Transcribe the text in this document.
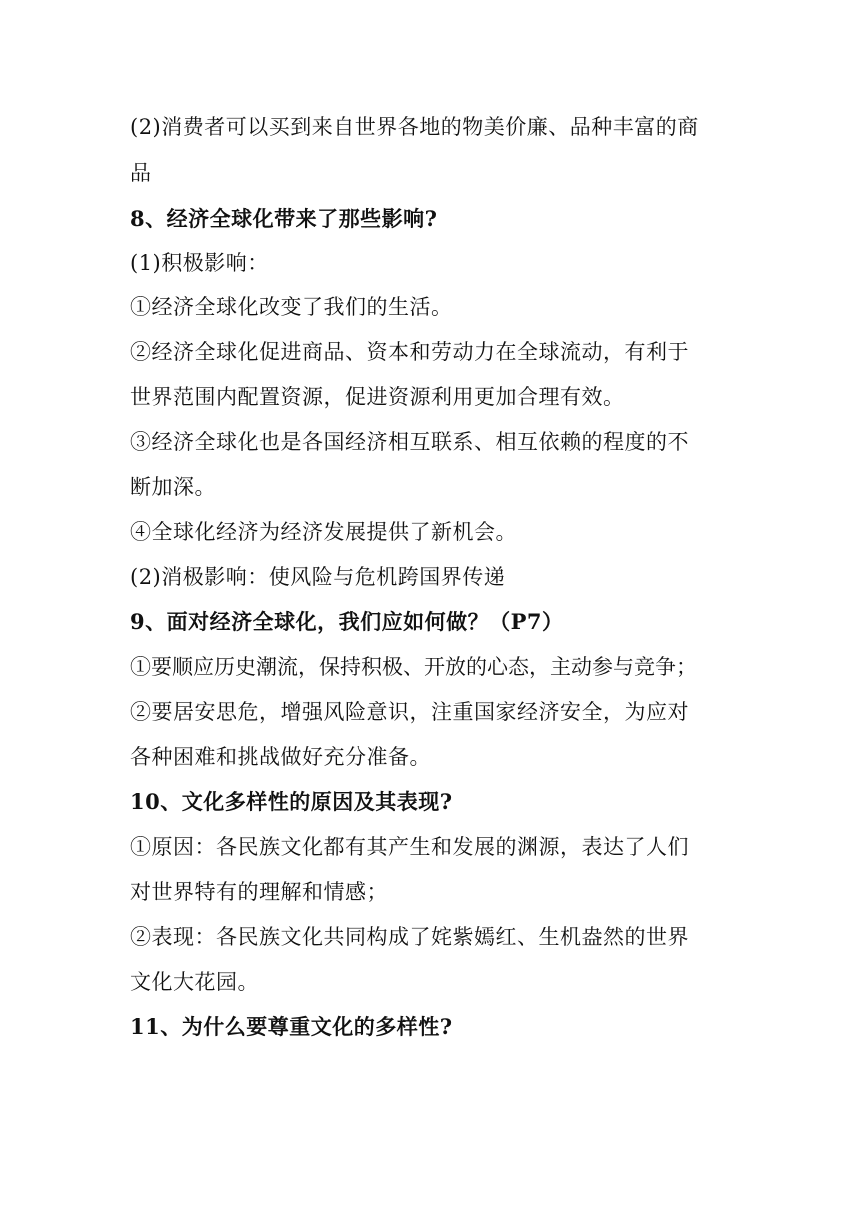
(2)消费者可以买到来自世界各地的物美价廉、品种丰富的商
品
8、经济全球化带来了那些影响?
(1)积极影响：
①经济全球化改变了我们的生活。
②经济全球化促进商品、资本和劳动力在全球流动，有利于
世界范围内配置资源，促进资源利用更加合理有效。
③经济全球化也是各国经济相互联系、相互依赖的程度的不
断加深。
④全球化经济为经济发展提供了新机会。
(2)消极影响：使风险与危机跨国界传递
9、面对经济全球化，我们应如何做？（P7）
①要顺应历史潮流，保持积极、开放的心态，主动参与竞争；
②要居安思危，增强风险意识，注重国家经济安全，为应对
各种困难和挑战做好充分准备。
10、文化多样性的原因及其表现?
①原因：各民族文化都有其产生和发展的渊源，表达了人们
对世界特有的理解和情感；
②表现：各民族文化共同构成了姹紫嫣红、生机盎然的世界
文化大花园。
11、为什么要尊重文化的多样性?
